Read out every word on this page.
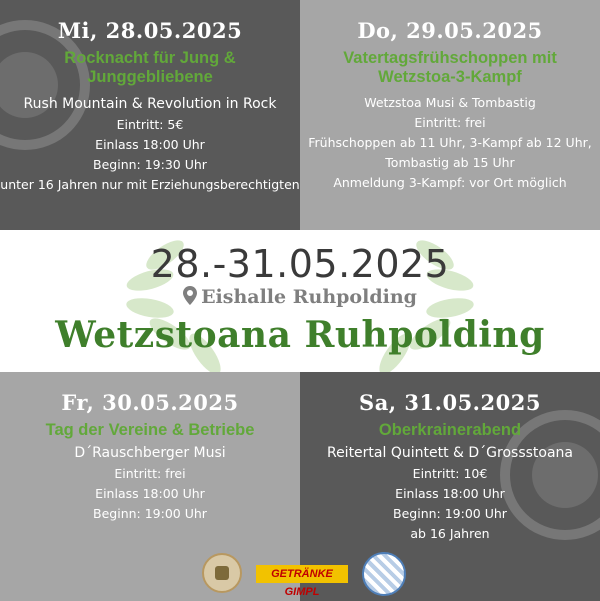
Mi, 28.05.2025
Rocknacht für Jung & Junggebliebene
Rush Mountain & Revolution in Rock
Eintritt: 5€
Einlass 18:00 Uhr
Beginn: 19:30 Uhr
unter 16 Jahren nur mit Erziehungsberechtigten
Do, 29.05.2025
Vatertagsfrühschoppen mit Wetzstoa-3-Kampf
Wetzstoa Musi & Tombastig
Eintritt: frei
Frühschoppen ab 11 Uhr, 3-Kampf ab 12 Uhr,
Tombastig ab 15 Uhr
Anmeldung 3-Kampf: vor Ort möglich
28.-31.05.2025
Eishalle Ruhpolding
Wetzstoana Ruhpolding
Fr, 30.05.2025
Tag der Vereine & Betriebe
D´Rauschberger Musi
Eintritt: frei
Einlass 18:00 Uhr
Beginn: 19:00 Uhr
Sa, 31.05.2025
Oberkrainerabend
Reitertal Quintett & D´Grossstoana
Eintritt: 10€
Einlass 18:00 Uhr
Beginn: 19:00 Uhr
ab 16 Jahren
GETRÄNKE GIMPL
